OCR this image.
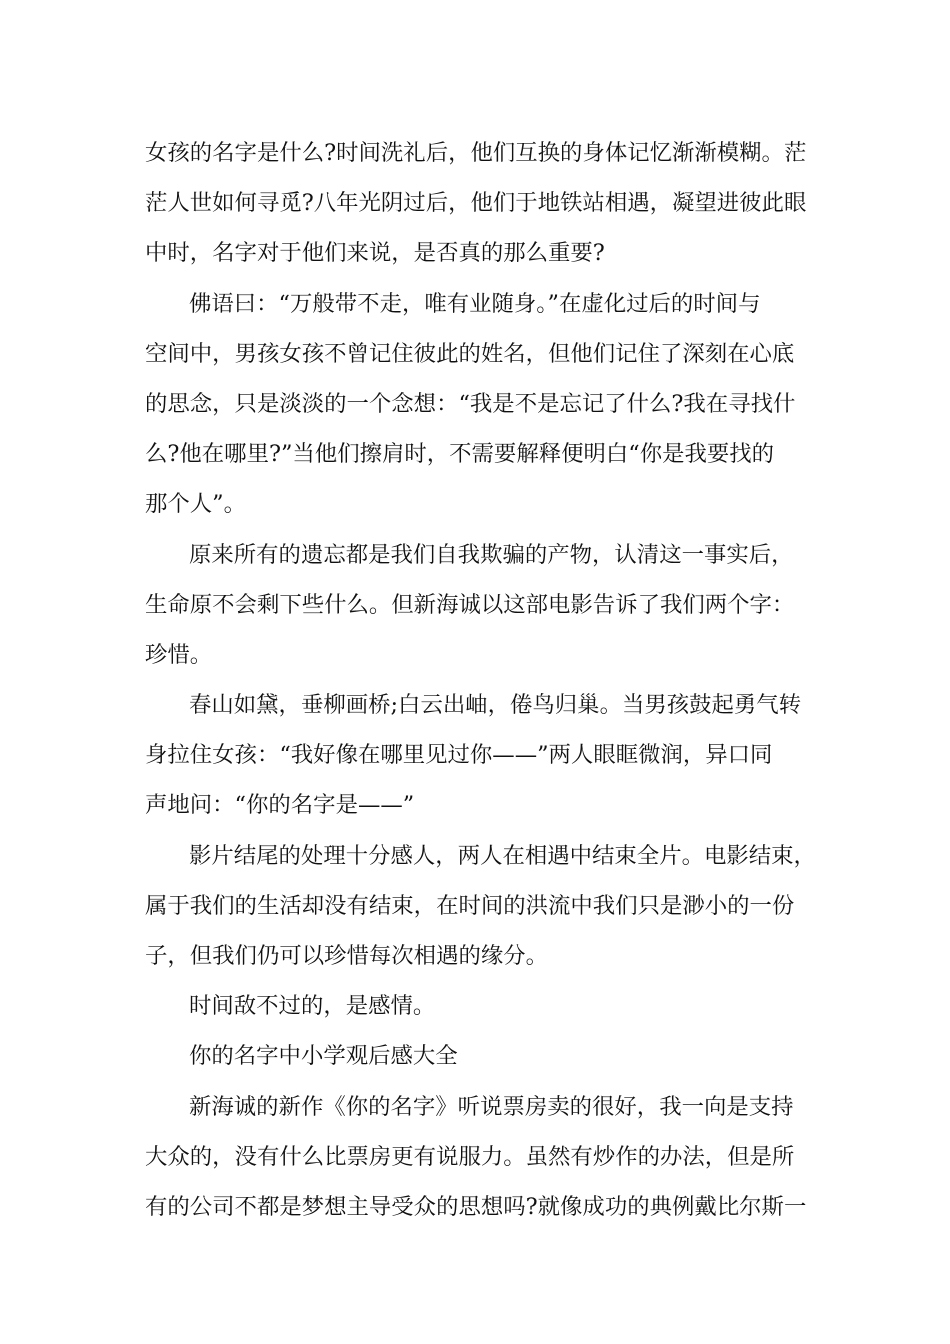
女孩的名字是什么?时间洗礼后，他们互换的身体记忆渐渐模糊。茫
茫人世如何寻觅?八年光阴过后，他们于地铁站相遇，凝望进彼此眼
中时，名字对于他们来说，是否真的那么重要?
佛语曰：“万般带不走，唯有业随身。”在虚化过后的时间与
空间中，男孩女孩不曾记住彼此的姓名，但他们记住了深刻在心底
的思念，只是淡淡的一个念想：“我是不是忘记了什么?我在寻找什
么?他在哪里?”当他们擦肩时，不需要解释便明白“你是我要找的
那个人”。
原来所有的遗忘都是我们自我欺骗的产物，认清这一事实后，
生命原不会剩下些什么。但新海诚以这部电影告诉了我们两个字：
珍惜。
春山如黛，垂柳画桥;白云出岫，倦鸟归巢。当男孩鼓起勇气转
身拉住女孩：“我好像在哪里见过你——”两人眼眶微润，异口同
声地问：“你的名字是——”
影片结尾的处理十分感人，两人在相遇中结束全片。电影结束，
属于我们的生活却没有结束，在时间的洪流中我们只是渺小的一份
子，但我们仍可以珍惜每次相遇的缘分。
时间敌不过的，是感情。
你的名字中小学观后感大全
新海诚的新作《你的名字》听说票房卖的很好，我一向是支持
大众的，没有什么比票房更有说服力。虽然有炒作的办法，但是所
有的公司不都是梦想主导受众的思想吗?就像成功的典例戴比尔斯一
